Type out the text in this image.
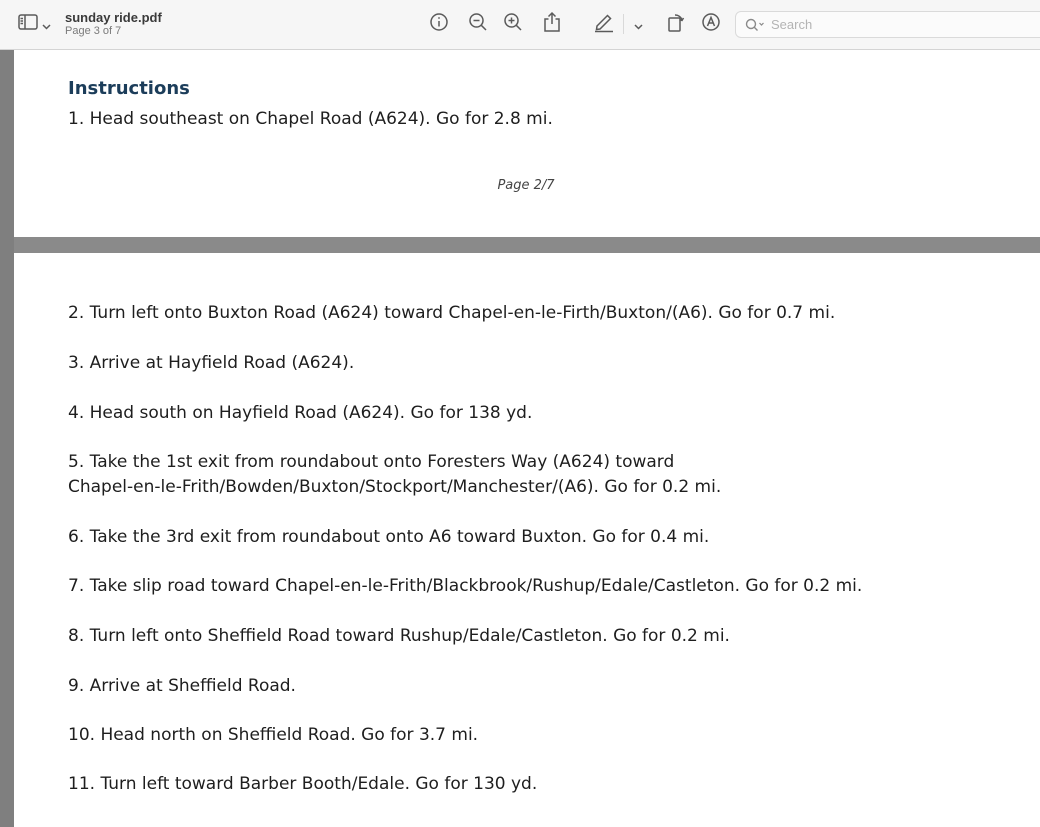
sunday ride.pdf
Page 3 of 7
Search
Instructions
1. Head southeast on Chapel Road (A624). Go for 2.8 mi.
Page 2/7
2. Turn left onto Buxton Road (A624) toward Chapel-en-le-Firth/Buxton/(A6). Go for 0.7 mi.
3. Arrive at Hayfield Road (A624).
4. Head south on Hayfield Road (A624). Go for 138 yd.
5. Take the 1st exit from roundabout onto Foresters Way (A624) toward
Chapel-en-le-Frith/Bowden/Buxton/Stockport/Manchester/(A6). Go for 0.2 mi.
6. Take the 3rd exit from roundabout onto A6 toward Buxton. Go for 0.4 mi.
7. Take slip road toward Chapel-en-le-Frith/Blackbrook/Rushup/Edale/Castleton. Go for 0.2 mi.
8. Turn left onto Sheffield Road toward Rushup/Edale/Castleton. Go for 0.2 mi.
9. Arrive at Sheffield Road.
10. Head north on Sheffield Road. Go for 3.7 mi.
11. Turn left toward Barber Booth/Edale. Go for 130 yd.
